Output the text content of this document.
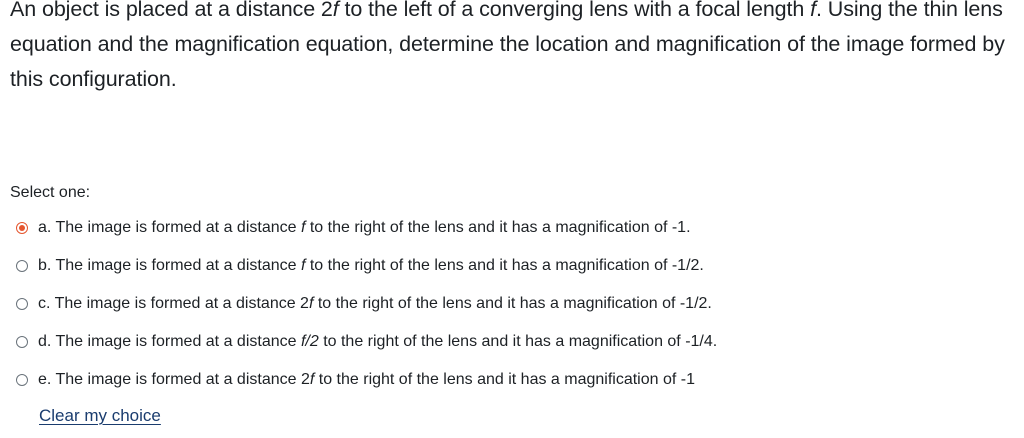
An object is placed at a distance 2f to the left of a converging lens with a focal length f. Using the thin lens equation and the magnification equation, determine the location and magnification of the image formed by this configuration.
Select one:
a. The image is formed at a distance f to the right of the lens and it has a magnification of -1.
b. The image is formed at a distance f to the right of the lens and it has a magnification of -1/2.
c. The image is formed at a distance 2f to the right of the lens and it has a magnification of -1/2.
d. The image is formed at a distance f/2 to the right of the lens and it has a magnification of -1/4.
e. The image is formed at a distance 2f to the right of the lens and it has a magnification of -1
Clear my choice
